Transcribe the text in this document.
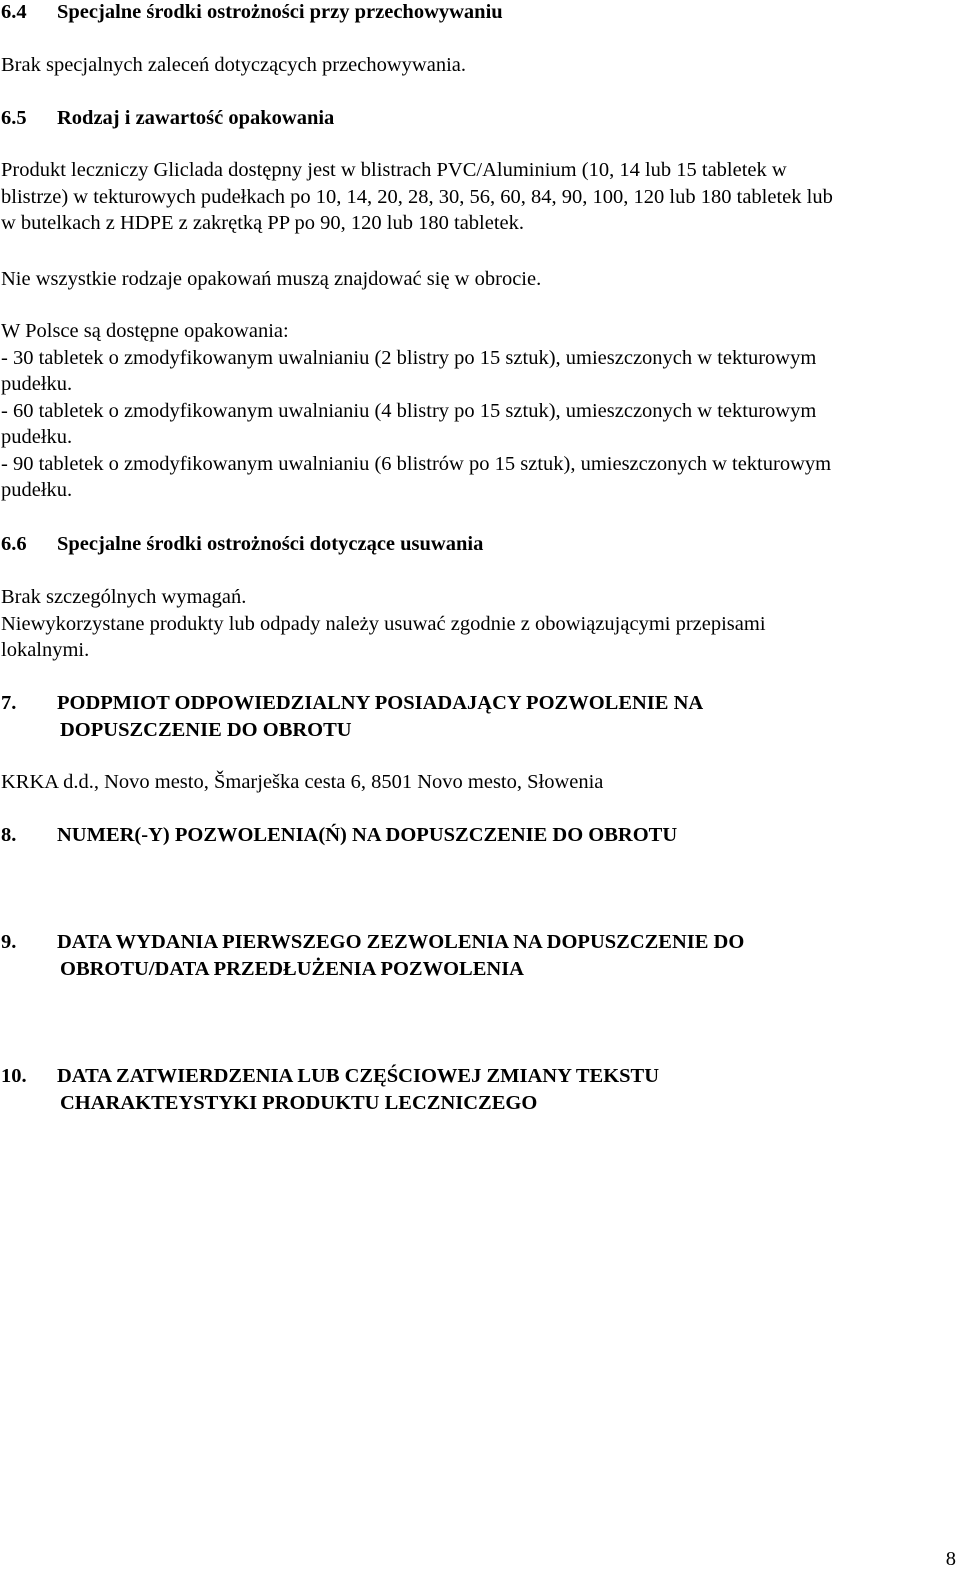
6.4 Specjalne środki ostrożności przy przechowywaniu
Brak specjalnych zaleceń dotyczących przechowywania.
6.5 Rodzaj i zawartość opakowania
Produkt leczniczy Gliclada dostępny jest w blistrach PVC/Aluminium (10, 14 lub 15 tabletek w
blistrze) w tekturowych pudełkach po 10, 14, 20, 28, 30, 56, 60, 84, 90, 100, 120 lub 180 tabletek lub
w butelkach z HDPE z zakrętką PP po 90, 120 lub 180 tabletek.
Nie wszystkie rodzaje opakowań muszą znajdować się w obrocie.
W Polsce są dostępne opakowania:
- 30 tabletek o zmodyfikowanym uwalnianiu (2 blistry po 15 sztuk), umieszczonych w tekturowym
pudełku.
- 60 tabletek o zmodyfikowanym uwalnianiu (4 blistry po 15 sztuk), umieszczonych w tekturowym
pudełku.
- 90 tabletek o zmodyfikowanym uwalnianiu (6 blistrów po 15 sztuk), umieszczonych w tekturowym
pudełku.
6.6 Specjalne środki ostrożności dotyczące usuwania
Brak szczególnych wymagań.
Niewykorzystane produkty lub odpady należy usuwać zgodnie z obowiązującymi przepisami
lokalnymi.
7. PODPMIOT ODPOWIEDZIALNY POSIADAJĄCY POZWOLENIE NA
DOPUSZCZENIE DO OBROTU
KRKA d.d., Novo mesto, Šmarješka cesta 6, 8501 Novo mesto, Słowenia
8. NUMER(-Y) POZWOLENIA(Ń) NA DOPUSZCZENIE DO OBROTU
9. DATA WYDANIA PIERWSZEGO ZEZWOLENIA NA DOPUSZCZENIE DO
OBROTU/DATA PRZEDŁUŻENIA POZWOLENIA
10. DATA ZATWIERDZENIA LUB CZĘŚCIOWEJ ZMIANY TEKSTU
CHARAKTEYSTYKI PRODUKTU LECZNICZEGO
8
